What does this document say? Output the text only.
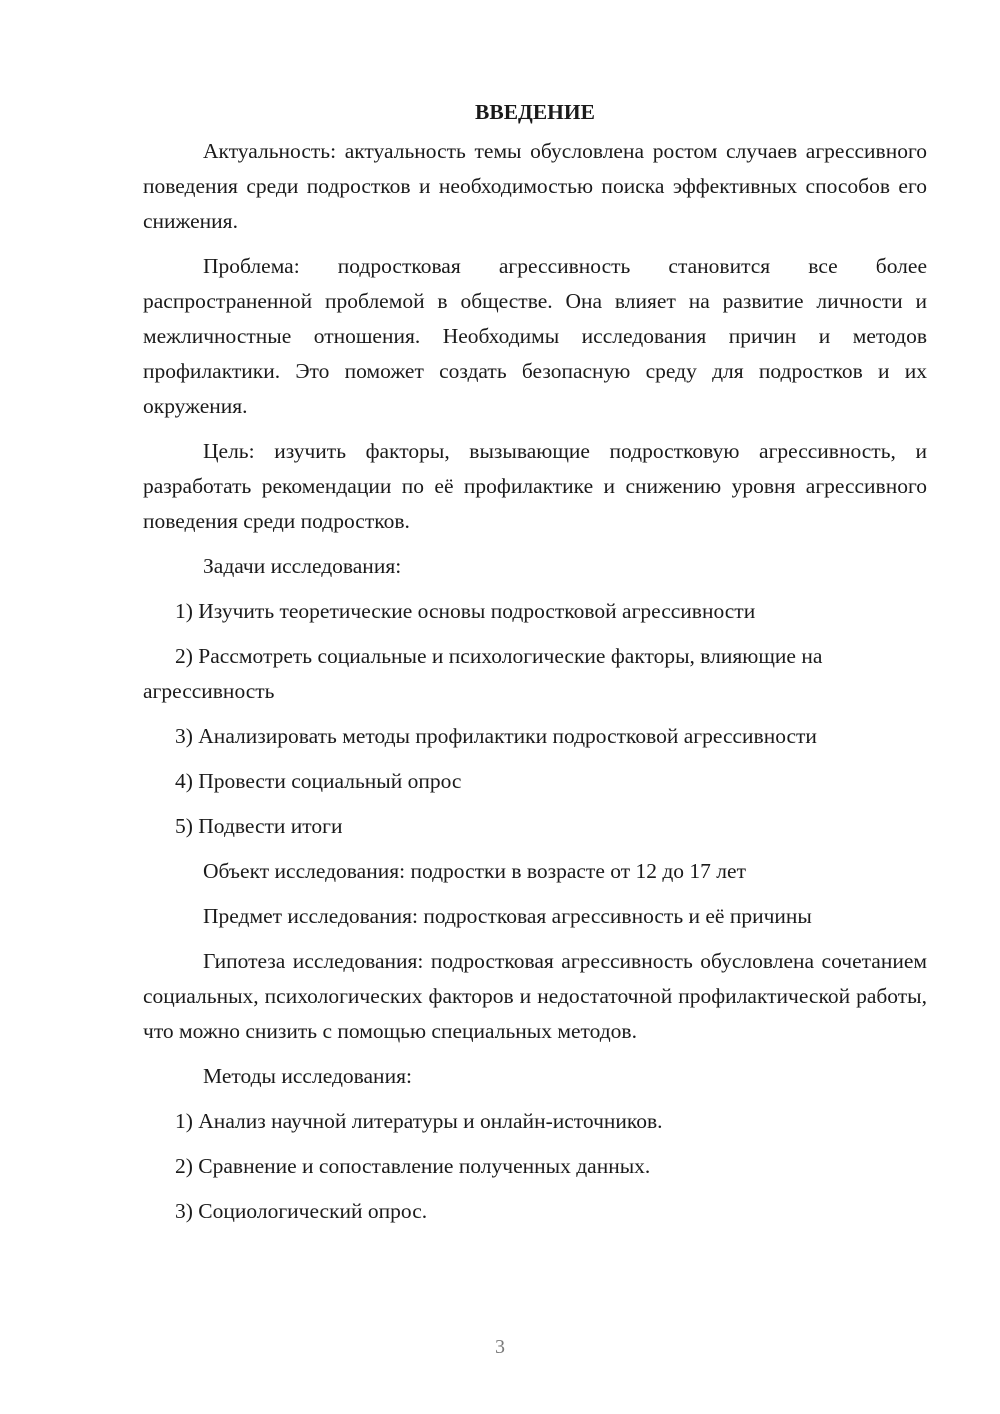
ВВЕДЕНИЕ

Актуальность: актуальность темы обусловлена ростом случаев агрессивного поведения среди подростков и необходимостью поиска эффективных способов его снижения.

Проблема: подростковая агрессивность становится все более распространенной проблемой в обществе. Она влияет на развитие личности и межличностные отношения. Необходимы исследования причин и методов профилактики. Это поможет создать безопасную среду для подростков и их окружения.

Цель: изучить факторы, вызывающие подростковую агрессивность, и разработать рекомендации по её профилактике и снижению уровня агрессивного поведения среди подростков.

Задачи исследования:

1) Изучить теоретические основы подростковой агрессивности

2) Рассмотреть социальные и психологические факторы, влияющие на агрессивность

3) Анализировать методы профилактики подростковой агрессивности

4) Провести социальный опрос

5) Подвести итоги

Объект исследования: подростки в возрасте от 12 до 17 лет

Предмет исследования: подростковая агрессивность и её причины

Гипотеза исследования: подростковая агрессивность обусловлена сочетанием социальных, психологических факторов и недостаточной профилактической работы, что можно снизить с помощью специальных методов.

Методы исследования:

1) Анализ научной литературы и онлайн-источников.

2) Сравнение и сопоставление полученных данных.

3) Социологический опрос.

3
